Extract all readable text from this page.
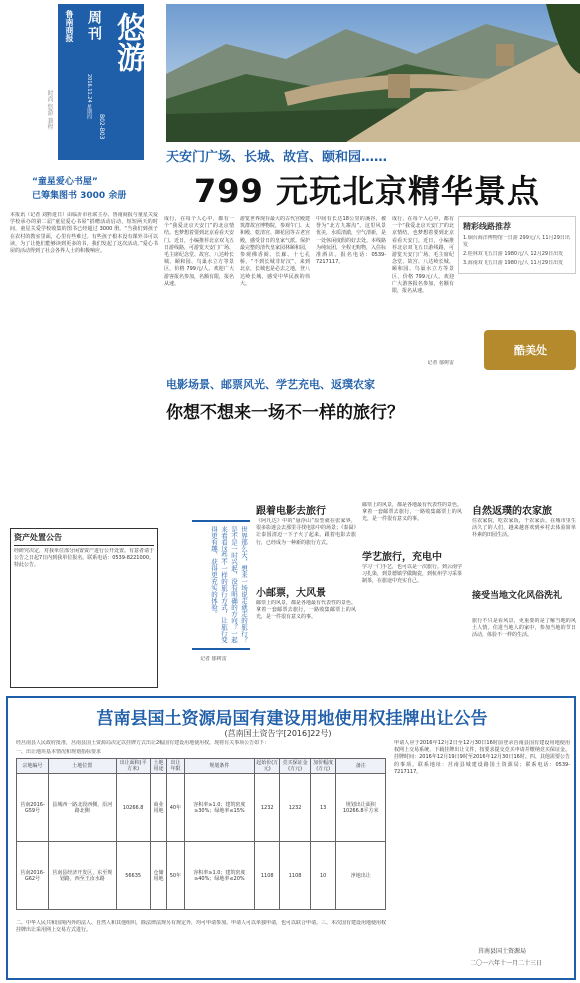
时尚 悠游 兼程
鲁南商报 周刊
2016.11.24 星期四
悠游
B02-B03
天安门广场、长城、故宫、颐和园……
799 元玩北京精华景点
“童星爱心书屋”
已筹集图书 3000 余册
本报讯（记者 刘黔进日）由临沂市社联主办、鲁南商报与童星关爱学校承办的第二届“童星爱心书屋”捐赠活动启动，短短两天的时间，童星关爱学校收集的图书已经超过 3000 册。“当我们到孩子在农村的教室里面，心里有些难过。有些孩子根本没有课外书可以读，为了让他们能够读到更多的书，我们发起了这次活动。”爱心书屋的活动得到了社会各界人士的积极响应。
成行，在每个人心中，都有一个“我爱北京天安门”的北京情结。也梦想着要到北京看看天安门。近日，小编推荐北京双飞五日游线路，可游览天安门广场、毛主席纪念堂、故宫、八达岭长城、颐和园、鸟巢水立方等景区，价格 799元/人。欢迎广大游客报名参加，名额有限，报名从速。
游览世界现存最大的古代宫殿建筑群故宫博物院，参观午门、太和殿、乾清宫、御花园等古老宫殿，感受昔日的皇家气派。保护最完整的清代皇家园林颐和园，参观佛香阁、长廊、十七孔桥。“不到长城非好汉”，来到北京，长城也是必去之地，登八达岭长城，感受中华民族的伟大。
中间有长达18公里的溪谷，被誉为“北方九寨沟”。这里风景优美，水质清澈，空气清新，是一处休闲度假的好去处。本线路为纯玩团，全程无购物，入住标准酒店。报名电话：0539-7217117。
成行，在每个人心中，都有一个“我爱北京天安门”的北京情结。也梦想着要到北京看看天安门。近日，小编推荐北京双飞五日游线路，可游览天安门广场、毛主席纪念堂、故宫、八达岭长城、颐和园、鸟巢水立方等景区，价格 799元/人。欢迎广大游客报名参加，名额有限，报名从速。
记者 郁树雷
精彩线路推荐
1.烟台海洋博物馆一日游 299元/人 11月29日出发
2.桂林双飞五日游 1980元/人 12月29日出发
3.海南双飞五日游 1980元/人 11月29日出发
酷美处
电影场景、邮票风光、学艺充电、返璞农家
你想不想来一场不一样的旅行？
世界那么大，想来一场说走就走的旅行？是不是一时兴起，没有明确的方向？一起来看看这些不一样的旅行方式，让旅行变得更有趣、获得更充实的体验。
记者 郁树雷
跟着电影去旅行
《阿凡达》中的“悬浮山”原型就在张家界，很多影迷会去那里寻找电影中的场景；《泰囧》让泰国清迈一下子火了起来。跟着电影去旅行，已经成为一种新的旅行方式。
小邮票，大风景
邮票上的风景，都是各地最有代表性的景色。拿着一套邮票去旅行，一路收集邮票上的风光，是一件很有意义的事。
邮票上的风景，都是各地最有代表性的景色。拿着一套邮票去旅行，一路收集邮票上的风光，是一件很有意义的事。
学艺旅行，充电中
学习一门手艺，也可以是一次旅行。到云南学习扎染，到景德镇学做陶瓷，到杭州学习采茶制茶，在旅途中充实自己。
自然返璞的农家旅
住农家院，吃农家饭，干农家活。在城市里生活久了的人们，越来越喜欢到乡村去体验简单朴素的田园生活。
接受当地文化风俗洗礼
旅行不只是看风景，更重要的是了解当地的风土人情。住进当地人的家中，参加当地的节日活动，体验不一样的生活。
资产处置公告
经研究决定，对我单位部分闲置资产进行公开处置。有意者请于公告之日起7日内到我单位报名。联系电话：0539-8221000。特此公告。
莒南县国土资源局国有建设用地使用权挂牌出让公告
(莒南国土资告字[2016]22号)
经莒南县人民政府批准，莒南县国土资源局决定以挂牌方式出让2幅国有建设用地使用权。现将有关事项公告如下：
一、出让地块基本情况和规划指标要求
宗地编号	土地位置	出让面积(平方米)	土地用途	出让年限	规划条件	起始价(万元)	竞买保证金(万元)	加价幅度(万元)	备注
莒南2016-G59号	县城西一路北段西侧，沿河路北侧	10266.8	商业用地	40年	容积率≥1.0；建筑密度≥30%；绿地率≤15%	1232	1232	13	规划出让面积10266.8平方米
莒南2016-G62号	莒南县经济开发区，东至规划路，西至王汝水路	56635	仓储用地	50年	容积率≥1.0；建筑密度≥40%；绿地率≤20%	1108	1108	10	净地出让
二、中华人民共和国境内外的法人、自然人和其他组织，除法律法规另有规定外，均可申请参加。申请人可以单独申请，也可以联合申请。三、本次国有建设用地使用权挂牌出让采用网上交易方式进行。
申请人应于2016年12月2日至12月30日16时前登录莒南县国有建设用地使用权网上交易系统，下载挂牌出让文件，按要求提交竞买申请并缴纳竞买保证金。挂牌时间：2016年12月19日9时至2016年12月30日16时。四、其他需要公告的事项。联系地址：莒南县城建设路国土资源局；联系电话：0539-7217117。
莒南县国土资源局
二〇一六年十一月二十三日
